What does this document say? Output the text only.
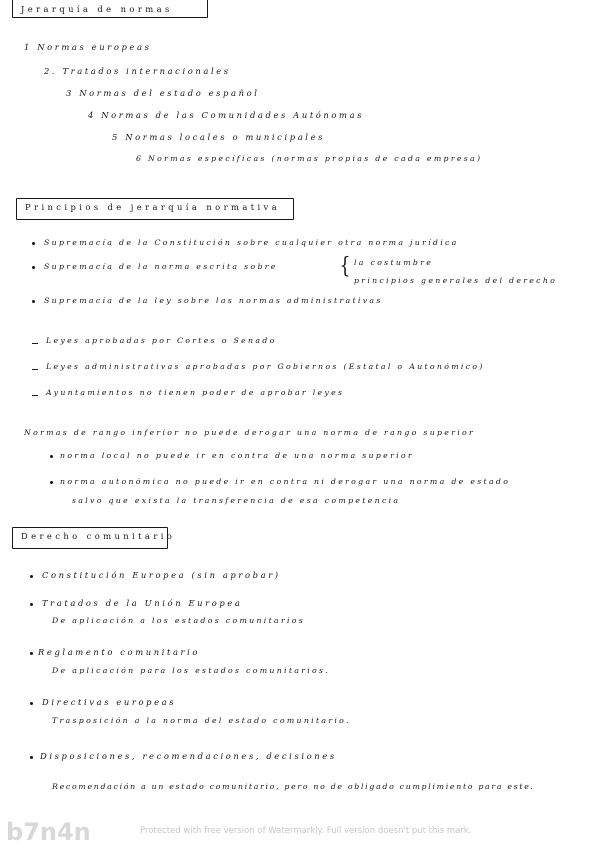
Jerarquía de normas
1 Normas europeas
2. Tratados internacionales
3 Normas del estado español
4 Normas de las Comunidades Autónomas
5 Normas locales o municipales
6 Normas específicas (normas propias de cada empresa)
Principios de jerarquía normativa
Supremacía de la Constitución sobre cualquier otra norma jurídica
Supremacía de la norma escrita sobre	{ la costumbre
principios generales del derecho
Supremacía de la ley sobre las normas administrativas
Leyes aprobadas por Cortes o Senado
Leyes administrativas aprobadas por Gobiernos (Estatal o Autonómico)
Ayuntamientos no tienen poder de aprobar leyes
Normas de rango inferior no puede derogar una norma de rango superior
norma local no puede ir en contra de una norma superior
norma autonómica no puede ir en contra ni derogar una norma de estado
salvo que exista la transferencia de esa competencia
Derecho comunitario
Constitución Europea (sin aprobar)
Tratados de la Unión Europea
De aplicación a los estados comunitarios
Reglamento comunitario
De aplicación para los estados comunitarios.
Directivas europeas
Trasposición a la norma del estado comunitario.
Disposiciones, recomendaciones, decisiones
Recomendación a un estado comunitario, pero no de obligado cumplimiento para este.
b7n4n	Protected with free version of Watermarkly. Full version doesn't put this mark.
